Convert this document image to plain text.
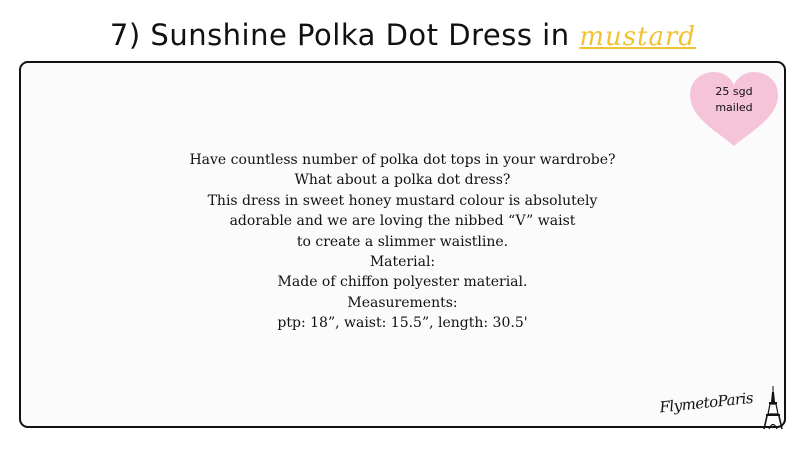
7) Sunshine Polka Dot Dress in mustard
25 sgd
mailed
Have countless number of polka dot tops in your wardrobe?
What about a polka dot dress?
This dress in sweet honey mustard colour is absolutely
adorable and we are loving the nibbed “V” waist
to create a slimmer waistline.
Material:
Made of chiffon polyester material.
Measurements:
ptp: 18”, waist: 15.5”, length: 30.5'
FlymetoParis
